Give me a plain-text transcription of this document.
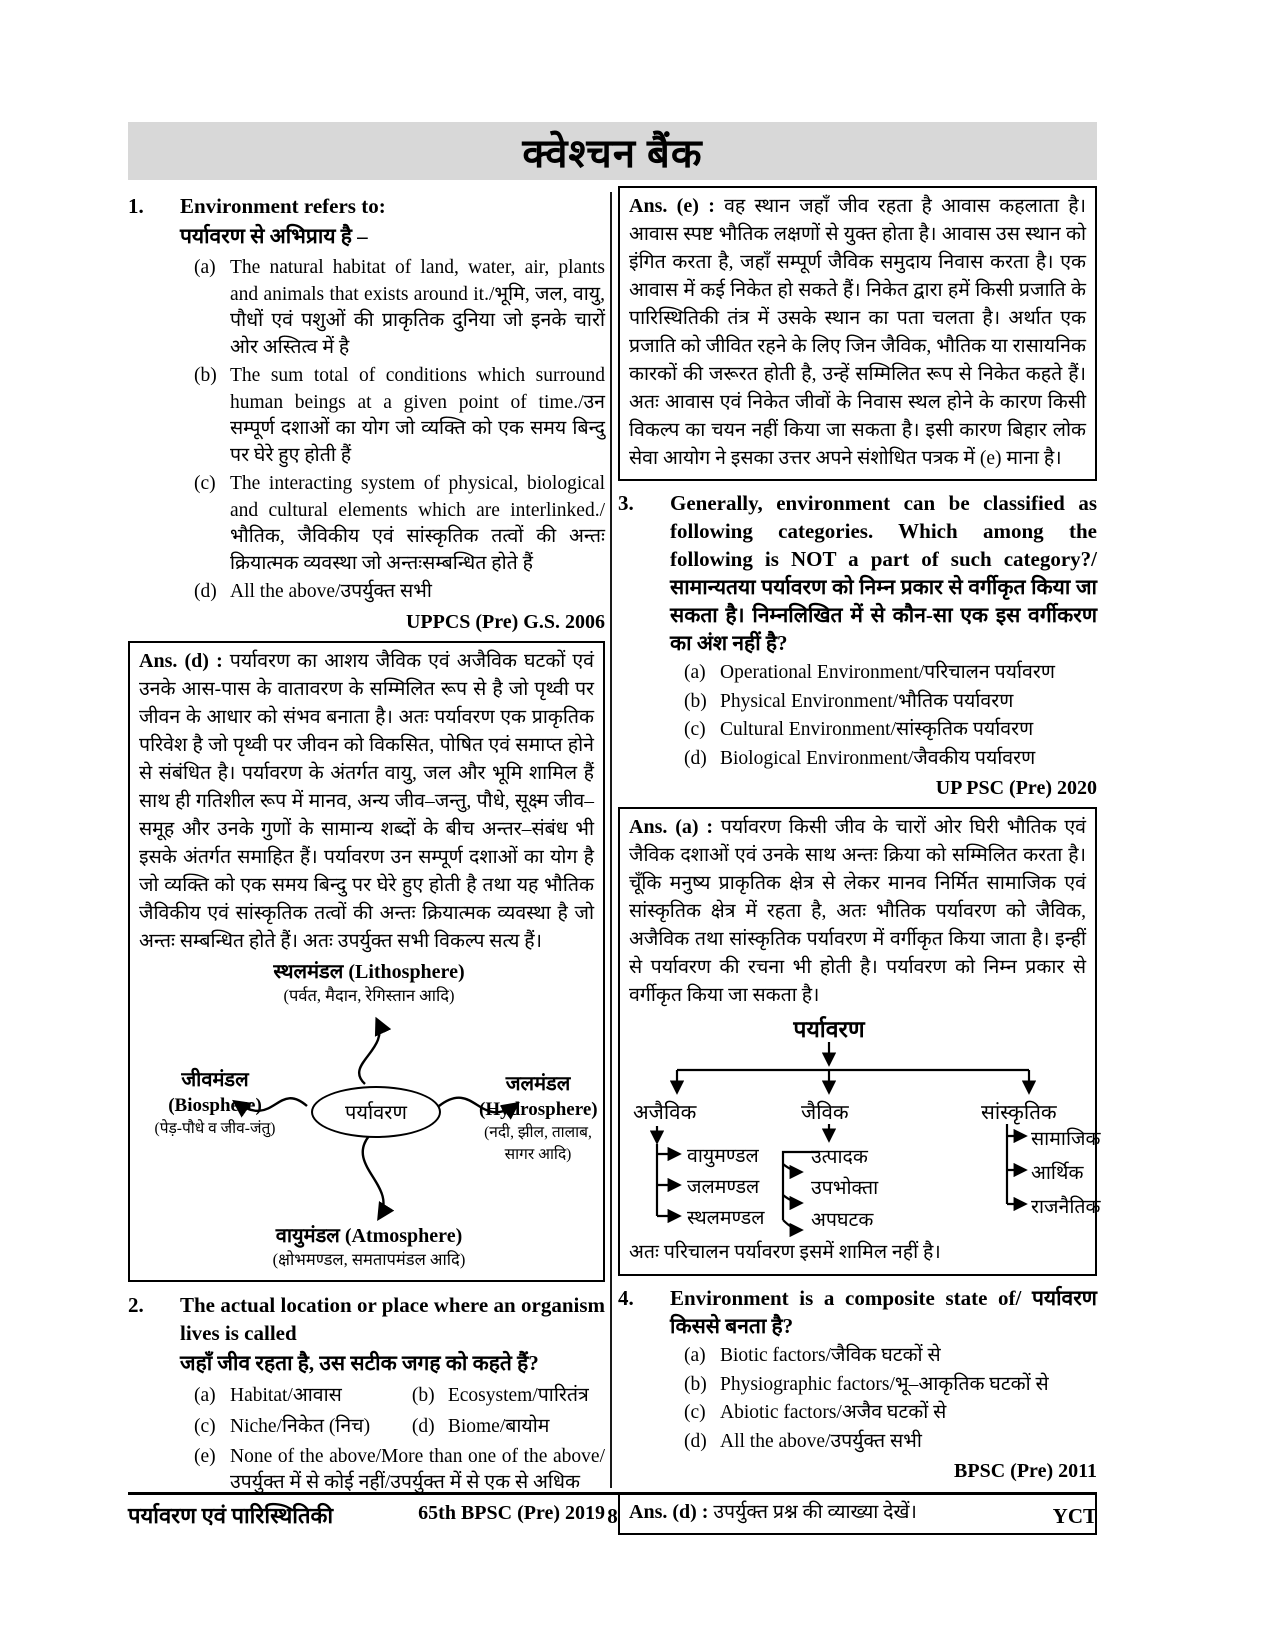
क्वेश्चन बैंक
1.	Environment refers to:
पर्यावरण से अभिप्राय है –
(a) The natural habitat of land, water, air, plants and animals that exists around it./भूमि, जल, वायु, पौधों एवं पशुओं की प्राकृतिक दुनिया जो इनके चारों ओर अस्तित्व में है
(b) The sum total of conditions which surround human beings at a given point of time./उन सम्पूर्ण दशाओं का योग जो व्यक्ति को एक समय बिन्दु पर घेरे हुए होती हैं
(c) The interacting system of physical, biological and cultural elements which are interlinked./भौतिक, जैविकीय एवं सांस्कृतिक तत्वों की अन्तः क्रियात्मक व्यवस्था जो अन्तःसम्बन्धित होते हैं
(d) All the above/उपर्युक्त सभी
UPPCS (Pre) G.S. 2006
Ans. (d) : पर्यावरण का आशय जैविक एवं अजैविक घटकों एवं उनके आस-पास के वातावरण के सम्मिलित रूप से है जो पृथ्वी पर जीवन के आधार को संभव बनाता है। अतः पर्यावरण एक प्राकृतिक परिवेश है जो पृथ्वी पर जीवन को विकसित, पोषित एवं समाप्त होने से संबंधित है। पर्यावरण के अंतर्गत वायु, जल और भूमि शामिल हैं साथ ही गतिशील रूप में मानव, अन्य जीव–जन्तु, पौधे, सूक्ष्म जीव–समूह और उनके गुणों के सामान्य शब्दों के बीच अन्तर–संबंध भी इसके अंतर्गत समाहित हैं। पर्यावरण उन सम्पूर्ण दशाओं का योग है जो व्यक्ति को एक समय बिन्दु पर घेरे हुए होती है तथा यह भौतिक जैविकीय एवं सांस्कृतिक तत्वों की अन्तः क्रियात्मक व्यवस्था है जो अन्तः सम्बन्धित होते हैं। अतः उपर्युक्त सभी विकल्प सत्य हैं।
स्थलमंडल (Lithosphere)
(पर्वत, मैदान, रेगिस्तान आदि)
पर्यावरण
जीवमंडल
(Biosphere)
(पेड़-पौधे व जीव-जंतु)
जलमंडल
(Hydrosphere)
(नदी, झील, तालाब,
सागर आदि)
वायुमंडल (Atmosphere)
(क्षोभमण्डल, समतापमंडल आदि)
2.	The actual location or place where an organism lives is called
जहाँ जीव रहता है, उस सटीक जगह को कहते हैं?
(a) Habitat/आवास	(b) Ecosystem/पारितंत्र
(c) Niche/निकेत (निच) (d) Biome/बायोम
(e) None of the above/More than one of the above/उपर्युक्त में से कोई नहीं/उपर्युक्त में से एक से अधिक
65th BPSC (Pre) 2019
Ans. (e) : वह स्थान जहाँ जीव रहता है आवास कहलाता है। आवास स्पष्ट भौतिक लक्षणों से युक्त होता है। आवास उस स्थान को इंगित करता है, जहाँ सम्पूर्ण जैविक समुदाय निवास करता है। एक आवास में कई निकेत हो सकते हैं। निकेत द्वारा हमें किसी प्रजाति के पारिस्थितिकी तंत्र में उसके स्थान का पता चलता है। अर्थात एक प्रजाति को जीवित रहने के लिए जिन जैविक, भौतिक या रासायनिक कारकों की जरूरत होती है, उन्हें सम्मिलित रूप से निकेत कहते हैं। अतः आवास एवं निकेत जीवों के निवास स्थल होने के कारण किसी विकल्प का चयन नहीं किया जा सकता है। इसी कारण बिहार लोक सेवा आयोग ने इसका उत्तर अपने संशोधित पत्रक में (e) माना है।
3.	Generally, environment can be classified as following categories. Which among the following is NOT a part of such category?/सामान्यतया पर्यावरण को निम्न प्रकार से वर्गीकृत किया जा सकता है। निम्नलिखित में से कौन-सा एक इस वर्गीकरण का अंश नहीं है?
(a) Operational Environment/परिचालन पर्यावरण
(b) Physical Environment/भौतिक पर्यावरण
(c) Cultural Environment/सांस्कृतिक पर्यावरण
(d) Biological Environment/जैवकीय पर्यावरण
UP PSC (Pre) 2020
Ans. (a) : पर्यावरण किसी जीव के चारों ओर घिरी भौतिक एवं जैविक दशाओं एवं उनके साथ अन्तः क्रिया को सम्मिलित करता है। चूँकि मनुष्य प्राकृतिक क्षेत्र से लेकर मानव निर्मित सामाजिक एवं सांस्कृतिक क्षेत्र में रहता है, अतः भौतिक पर्यावरण को जैविक, अजैविक तथा सांस्कृतिक पर्यावरण में वर्गीकृत किया जाता है। इन्हीं से पर्यावरण की रचना भी होती है। पर्यावरण को निम्न प्रकार से वर्गीकृत किया जा सकता है।
पर्यावरण
अजैविक	जैविक	सांस्कृतिक
वायुमण्डल
जलमण्डल
स्थलमण्डल
उत्पादक
उपभोक्ता
अपघटक
सामाजिक
आर्थिक
राजनैतिक
अतः परिचालन पर्यावरण इसमें शामिल नहीं है।
4.	Environment is a composite state of/ पर्यावरण किससे बनता है?
(a) Biotic factors/जैविक घटकों से
(b) Physiographic factors/भू–आकृतिक घटकों से
(c) Abiotic factors/अजैव घटकों से
(d) All the above/उपर्युक्त सभी
BPSC (Pre) 2011
Ans. (d) : उपर्युक्त प्रश्न की व्याख्या देखें।
पर्यावरण एवं पारिस्थितिकी	8	YCT
